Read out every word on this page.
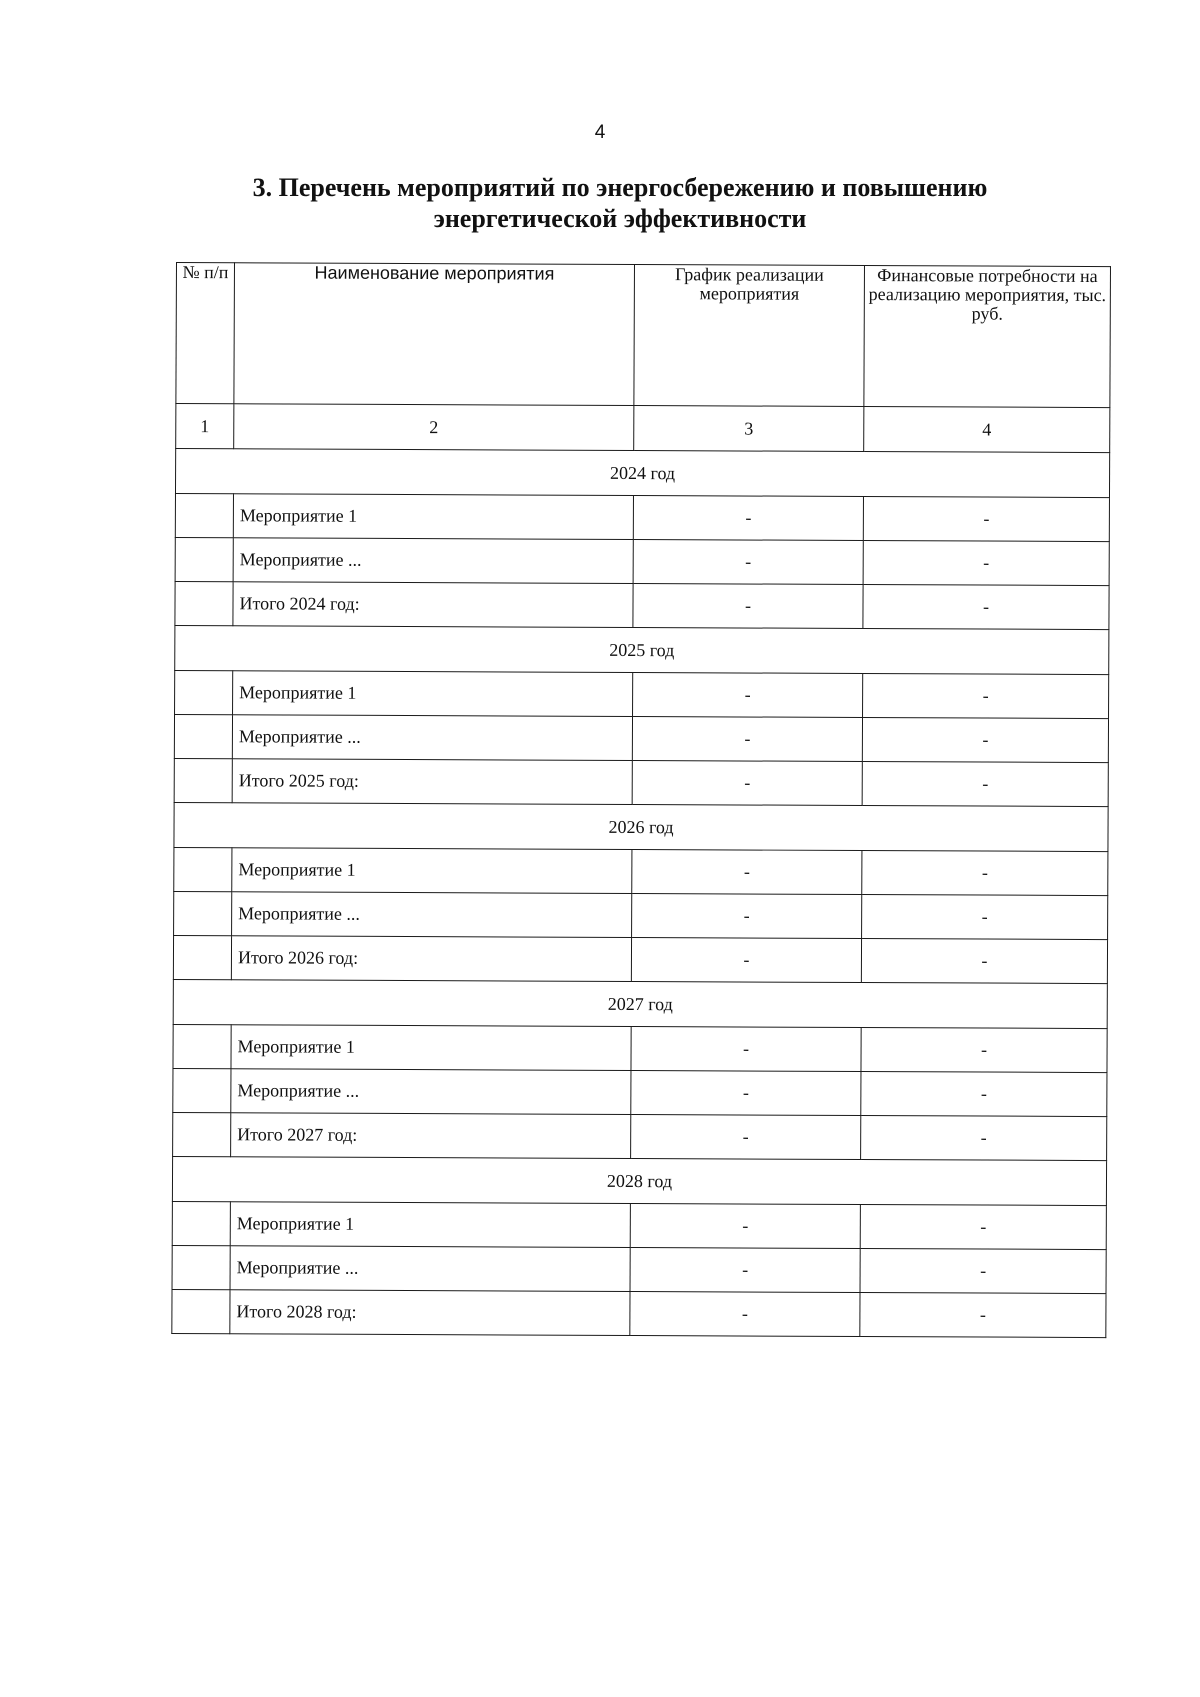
4
3. Перечень мероприятий по энергосбережению и повышению
энергетической эффективности
№ п/п	Наименование мероприятия	График реализации мероприятия	Финансовые потребности на реализацию мероприятия, тыс. руб.
1	2	3	4
2024 год			
	Мероприятие 1	-	-
	Мероприятие ...	-	-
	Итого 2024 год:	-	-
2025 год			
	Мероприятие 1	-	-
	Мероприятие ...	-	-
	Итого 2025 год:	-	-
2026 год			
	Мероприятие 1	-	-
	Мероприятие ...	-	-
	Итого 2026 год:	-	-
2027 год			
	Мероприятие 1	-	-
	Мероприятие ...	-	-
	Итого 2027 год:	-	-
2028 год			
	Мероприятие 1	-	-
	Мероприятие ...	-	-
	Итого 2028 год:	-	-
